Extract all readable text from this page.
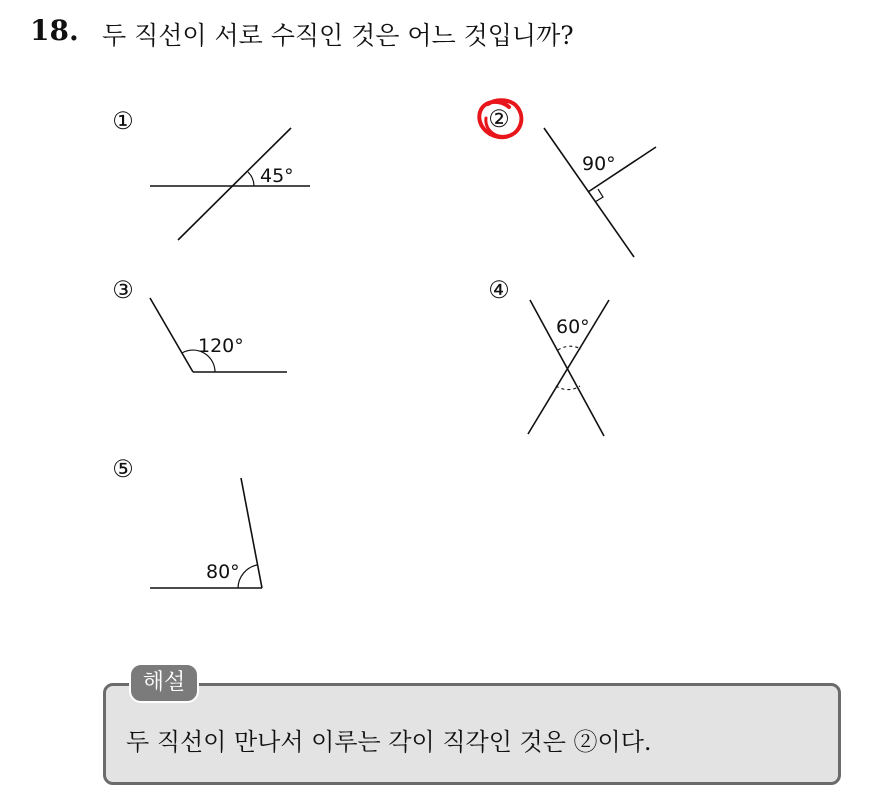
18. 두 직선이 서로 수직인 것은 어느 것입니까?
①	②
③	④
⑤
45°
90°
120°
60°
80°
해설
두 직선이 만나서 이루는 각이 직각인 것은 ②이다.
